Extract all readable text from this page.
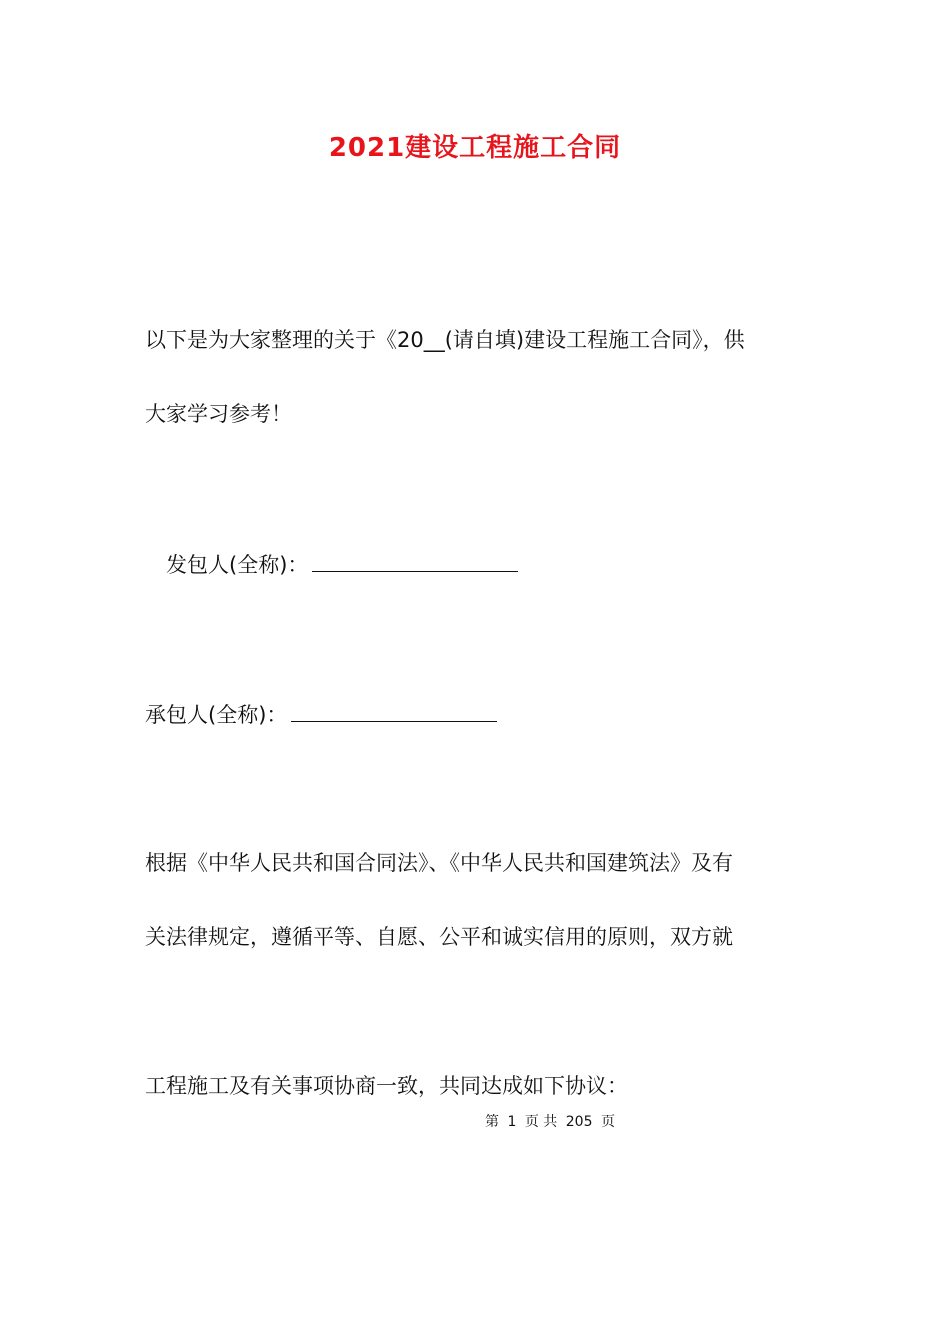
2021建设工程施工合同
以下是为大家整理的关于《20__(请自填)建设工程施工合同》，供
大家学习参考！
发包人(全称)：
承包人(全称)：
根据《中华人民共和国合同法》、《中华人民共和国建筑法》及有
关法律规定，遵循平等、自愿、公平和诚实信用的原则，双方就
工程施工及有关事项协商一致，共同达成如下协议：
第 1 页 共 205 页
